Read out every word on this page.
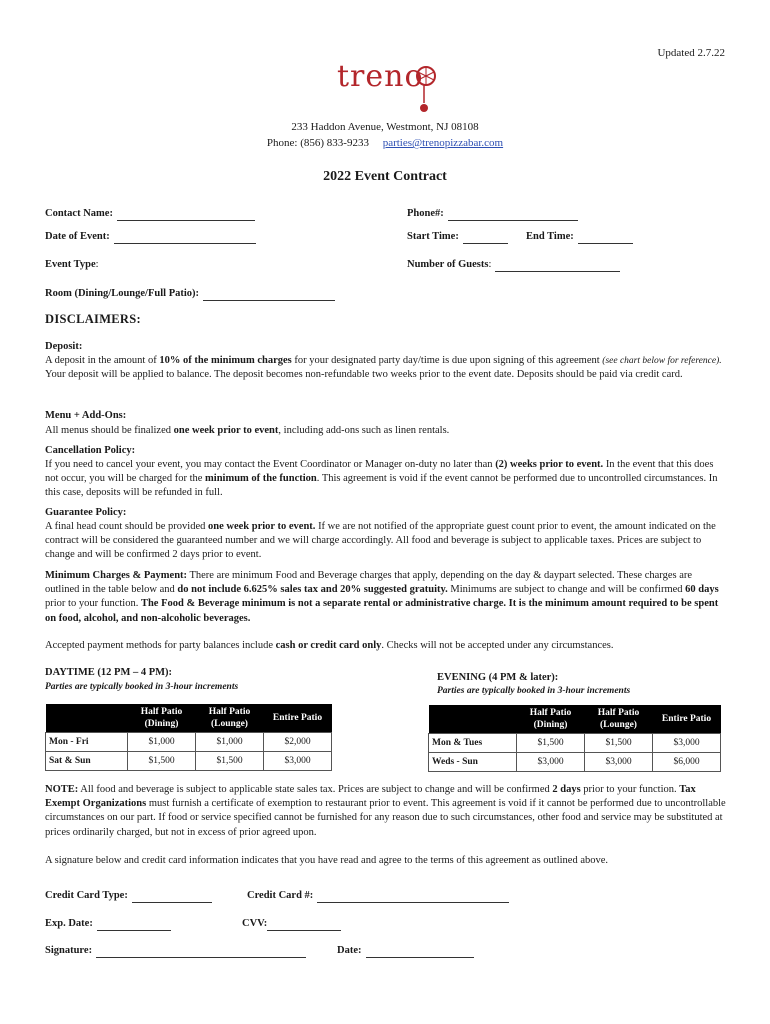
Updated 2.7.22
treno
233 Haddon Avenue, Westmont, NJ 08108
Phone: (856) 833-9233 parties@trenopizzabar.com
2022 Event Contract
Contact Name:	Phone#:
Date of Event:	Start Time:	End Time:
Event Type:	Number of Guests:
Room (Dining/Lounge/Full Patio):
DISCLAIMERS:
Deposit:
A deposit in the amount of 10% of the minimum charges for your designated party day/time is due upon signing of this agreement (see chart below for reference). Your deposit will be applied to balance. The deposit becomes non-refundable two weeks prior to the event date. Deposits should be paid via credit card.
Menu + Add-Ons:
All menus should be finalized one week prior to event, including add-ons such as linen rentals.
Cancellation Policy:
If you need to cancel your event, you may contact the Event Coordinator or Manager on-duty no later than (2) weeks prior to event. In the event that this does not occur, you will be charged for the minimum of the function. This agreement is void if the event cannot be performed due to uncontrolled circumstances. In this case, deposits will be refunded in full.
Guarantee Policy:
A final head count should be provided one week prior to event. If we are not notified of the appropriate guest count prior to event, the amount indicated on the contract will be considered the guaranteed number and we will charge accordingly. All food and beverage is subject to applicable taxes. Prices are subject to change and will be confirmed 2 days prior to event.
Minimum Charges & Payment: There are minimum Food and Beverage charges that apply, depending on the day & daypart selected. These charges are outlined in the table below and do not include 6.625% sales tax and 20% suggested gratuity. Minimums are subject to change and will be confirmed 60 days prior to your function. The Food & Beverage minimum is not a separate rental or administrative charge. It is the minimum amount required to be spent on food, alcohol, and non-alcoholic beverages.
Accepted payment methods for party balances include cash or credit card only. Checks will not be accepted under any circumstances.
DAYTIME (12 PM – 4 PM):
Parties are typically booked in 3-hour increments
	Half Patio (Dining)	Half Patio (Lounge)	Entire Patio
Mon - Fri	$1,000	$1,000	$2,000
Sat & Sun	$1,500	$1,500	$3,000
EVENING (4 PM & later):
Parties are typically booked in 3-hour increments
	Half Patio (Dining)	Half Patio (Lounge)	Entire Patio
Mon & Tues	$1,500	$1,500	$3,000
Weds - Sun	$3,000	$3,000	$6,000
NOTE: All food and beverage is subject to applicable state sales tax. Prices are subject to change and will be confirmed 2 days prior to your function. Tax Exempt Organizations must furnish a certificate of exemption to restaurant prior to event. This agreement is void if it cannot be performed due to uncontrollable circumstances on our part. If food or service specified cannot be furnished for any reason due to such circumstances, other food and service may be substituted at prices ordinarily charged, but not in excess of prior agreed upon.
A signature below and credit card information indicates that you have read and agree to the terms of this agreement as outlined above.
Credit Card Type:	Credit Card #:
Exp. Date:	CVV:
Signature:	Date:
